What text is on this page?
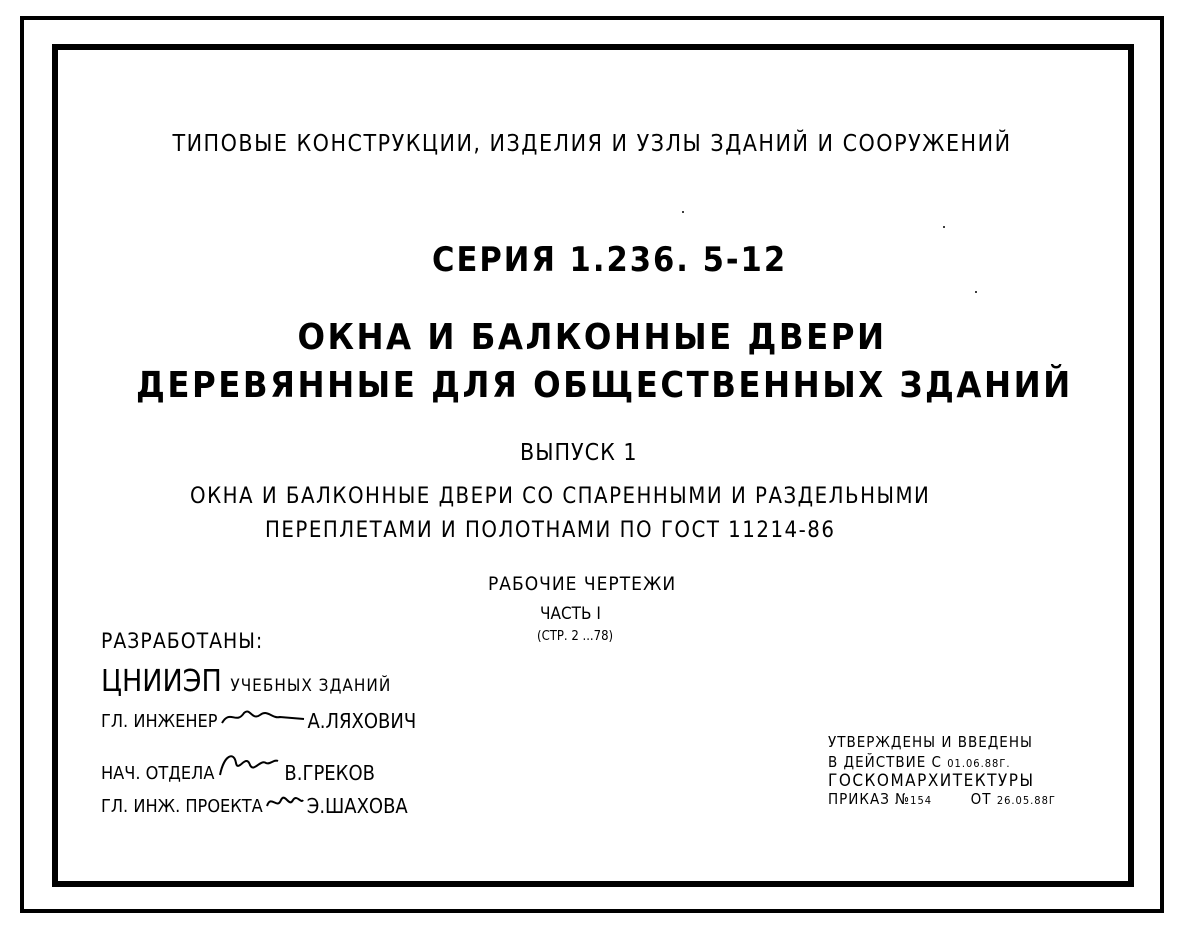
ТИПОВЫЕ КОНСТРУКЦИИ, ИЗДЕЛИЯ И УЗЛЫ ЗДАНИЙ И СООРУЖЕНИЙ
СЕРИЯ 1.236. 5-12
ОКНА И БАЛКОННЫЕ ДВЕРИ
ДЕРЕВЯННЫЕ ДЛЯ ОБЩЕСТВЕННЫХ ЗДАНИЙ
ВЫПУСК 1
ОКНА И БАЛКОННЫЕ ДВЕРИ СО СПАРЕННЫМИ И РАЗДЕЛЬНЫМИ
ПЕРЕПЛЕТАМИ И ПОЛОТНАМИ ПО ГОСТ 11214-86
РАБОЧИЕ ЧЕРТЕЖИ
ЧАСТЬ I
(СТР. 2 ...78)
РАЗРАБОТАНЫ:
ЦНИИЭП УЧЕБНЫХ ЗДАНИЙ
ГЛ. ИНЖЕНЕР	А.ЛЯХОВИЧ
НАЧ. ОТДЕЛА	В.ГРЕКОВ
ГЛ. ИНЖ. ПРОЕКТА Э.ШАХОВА
УТВЕРЖДЕНЫ И ВВЕДЕНЫ
В ДЕЙСТВИЕ С 01.06.88Г.
ГОСКОМАРХИТЕКТУРЫ
ПРИКАЗ №154	ОТ 26.05.88Г
